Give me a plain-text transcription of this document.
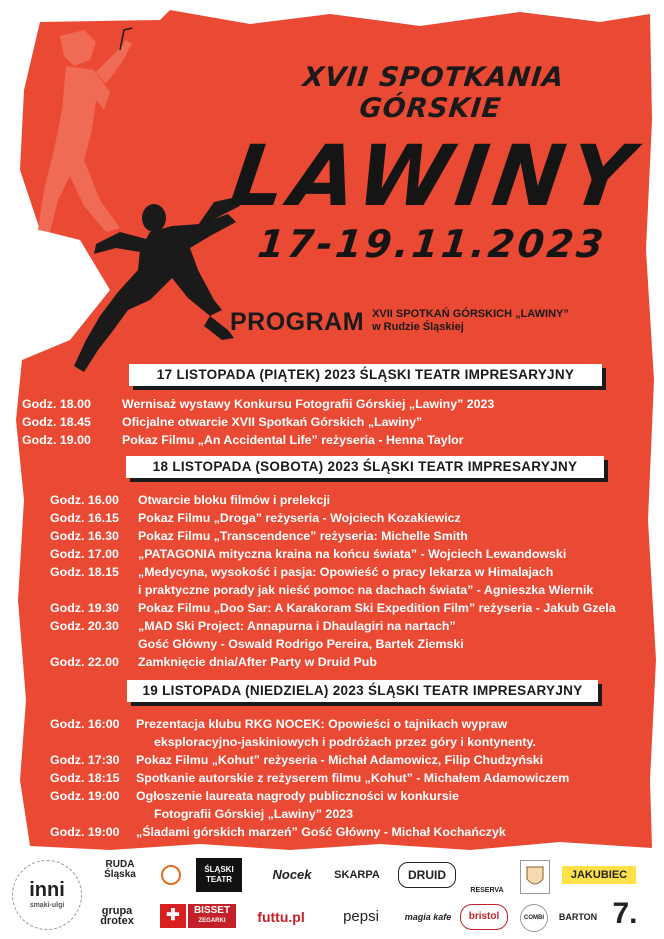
XVII SPOTKANIA GÓRSKIE
LAWINY
17-19.11.2023
PROGRAM XVII SPOTKAŃ GÓRSKICH „LAWINY”
w Rudzie Śląskiej
17 LISTOPADA (PIĄTEK) 2023 ŚLĄSKI TEATR IMPRESARYJNY
Godz. 18.00	Wernisaż wystawy Konkursu Fotografii Górskiej „Lawiny” 2023
Godz. 18.45	Oficjalne otwarcie XVII Spotkań Górskich „Lawiny”
Godz. 19.00	Pokaz Filmu „An Accidental Life” reżyseria - Henna Taylor
18 LISTOPADA (SOBOTA) 2023 ŚLĄSKI TEATR IMPRESARYJNY
Godz. 16.00 Otwarcie bloku filmów i prelekcji
Godz. 16.15 Pokaz Filmu „Droga” reżyseria - Wojciech Kozakiewicz
Godz. 16.30 Pokaz Filmu „Transcendence” reżyseria: Michelle Smith
Godz. 17.00 „PATAGONIA mityczna kraina na końcu świata” - Wojciech Lewandowski
Godz. 18.15 „Medycyna, wysokość i pasja: Opowieść o pracy lekarza w Himalajach
i praktyczne porady jak nieść pomoc na dachach świata” - Agnieszka Wiernik
Godz. 19.30 Pokaz Filmu „Doo Sar: A Karakoram Ski Expedition Film” reżyseria - Jakub Gzela
Godz. 20.30 „MAD Ski Project: Annapurna i Dhaulagiri na nartach”
Gość Główny - Oswald Rodrigo Pereira, Bartek Ziemski
Godz. 22.00 Zamknięcie dnia/After Party w Druid Pub
19 LISTOPADA (NIEDZIELA) 2023 ŚLĄSKI TEATR IMPRESARYJNY
Godz. 16:00 Prezentacja klubu RKG NOCEK: Opowieści o tajnikach wypraw
eksploracyjno-jaskiniowych i podróżach przez góry i kontynenty.
Godz. 17:30 Pokaz Filmu „Kohut” reżyseria - Michał Adamowicz, Filip Chudzyński
Godz. 18:15 Spotkanie autorskie z reżyserem filmu „Kohut” - Michałem Adamowiczem
Godz. 19:00 Ogłoszenie laureata nagrody publiczności w konkursie
Fotografii Górskiej „Lawiny” 2023
Godz. 19:00 „Śladami górskich marzeń” Gość Główny - Michał Kochańczyk
inni
smaki-ulgi
RUDA Śląska	ŚLĄSKI
TEATR	Nocek	SKARPA	DRUID
RESERVA
JAKUBIEC
grupa
drotex	✚	BISSET
ZEGARKI	futtu.pl	pepsi	magia kafe	bristol	COMBI	BARTON 7.
